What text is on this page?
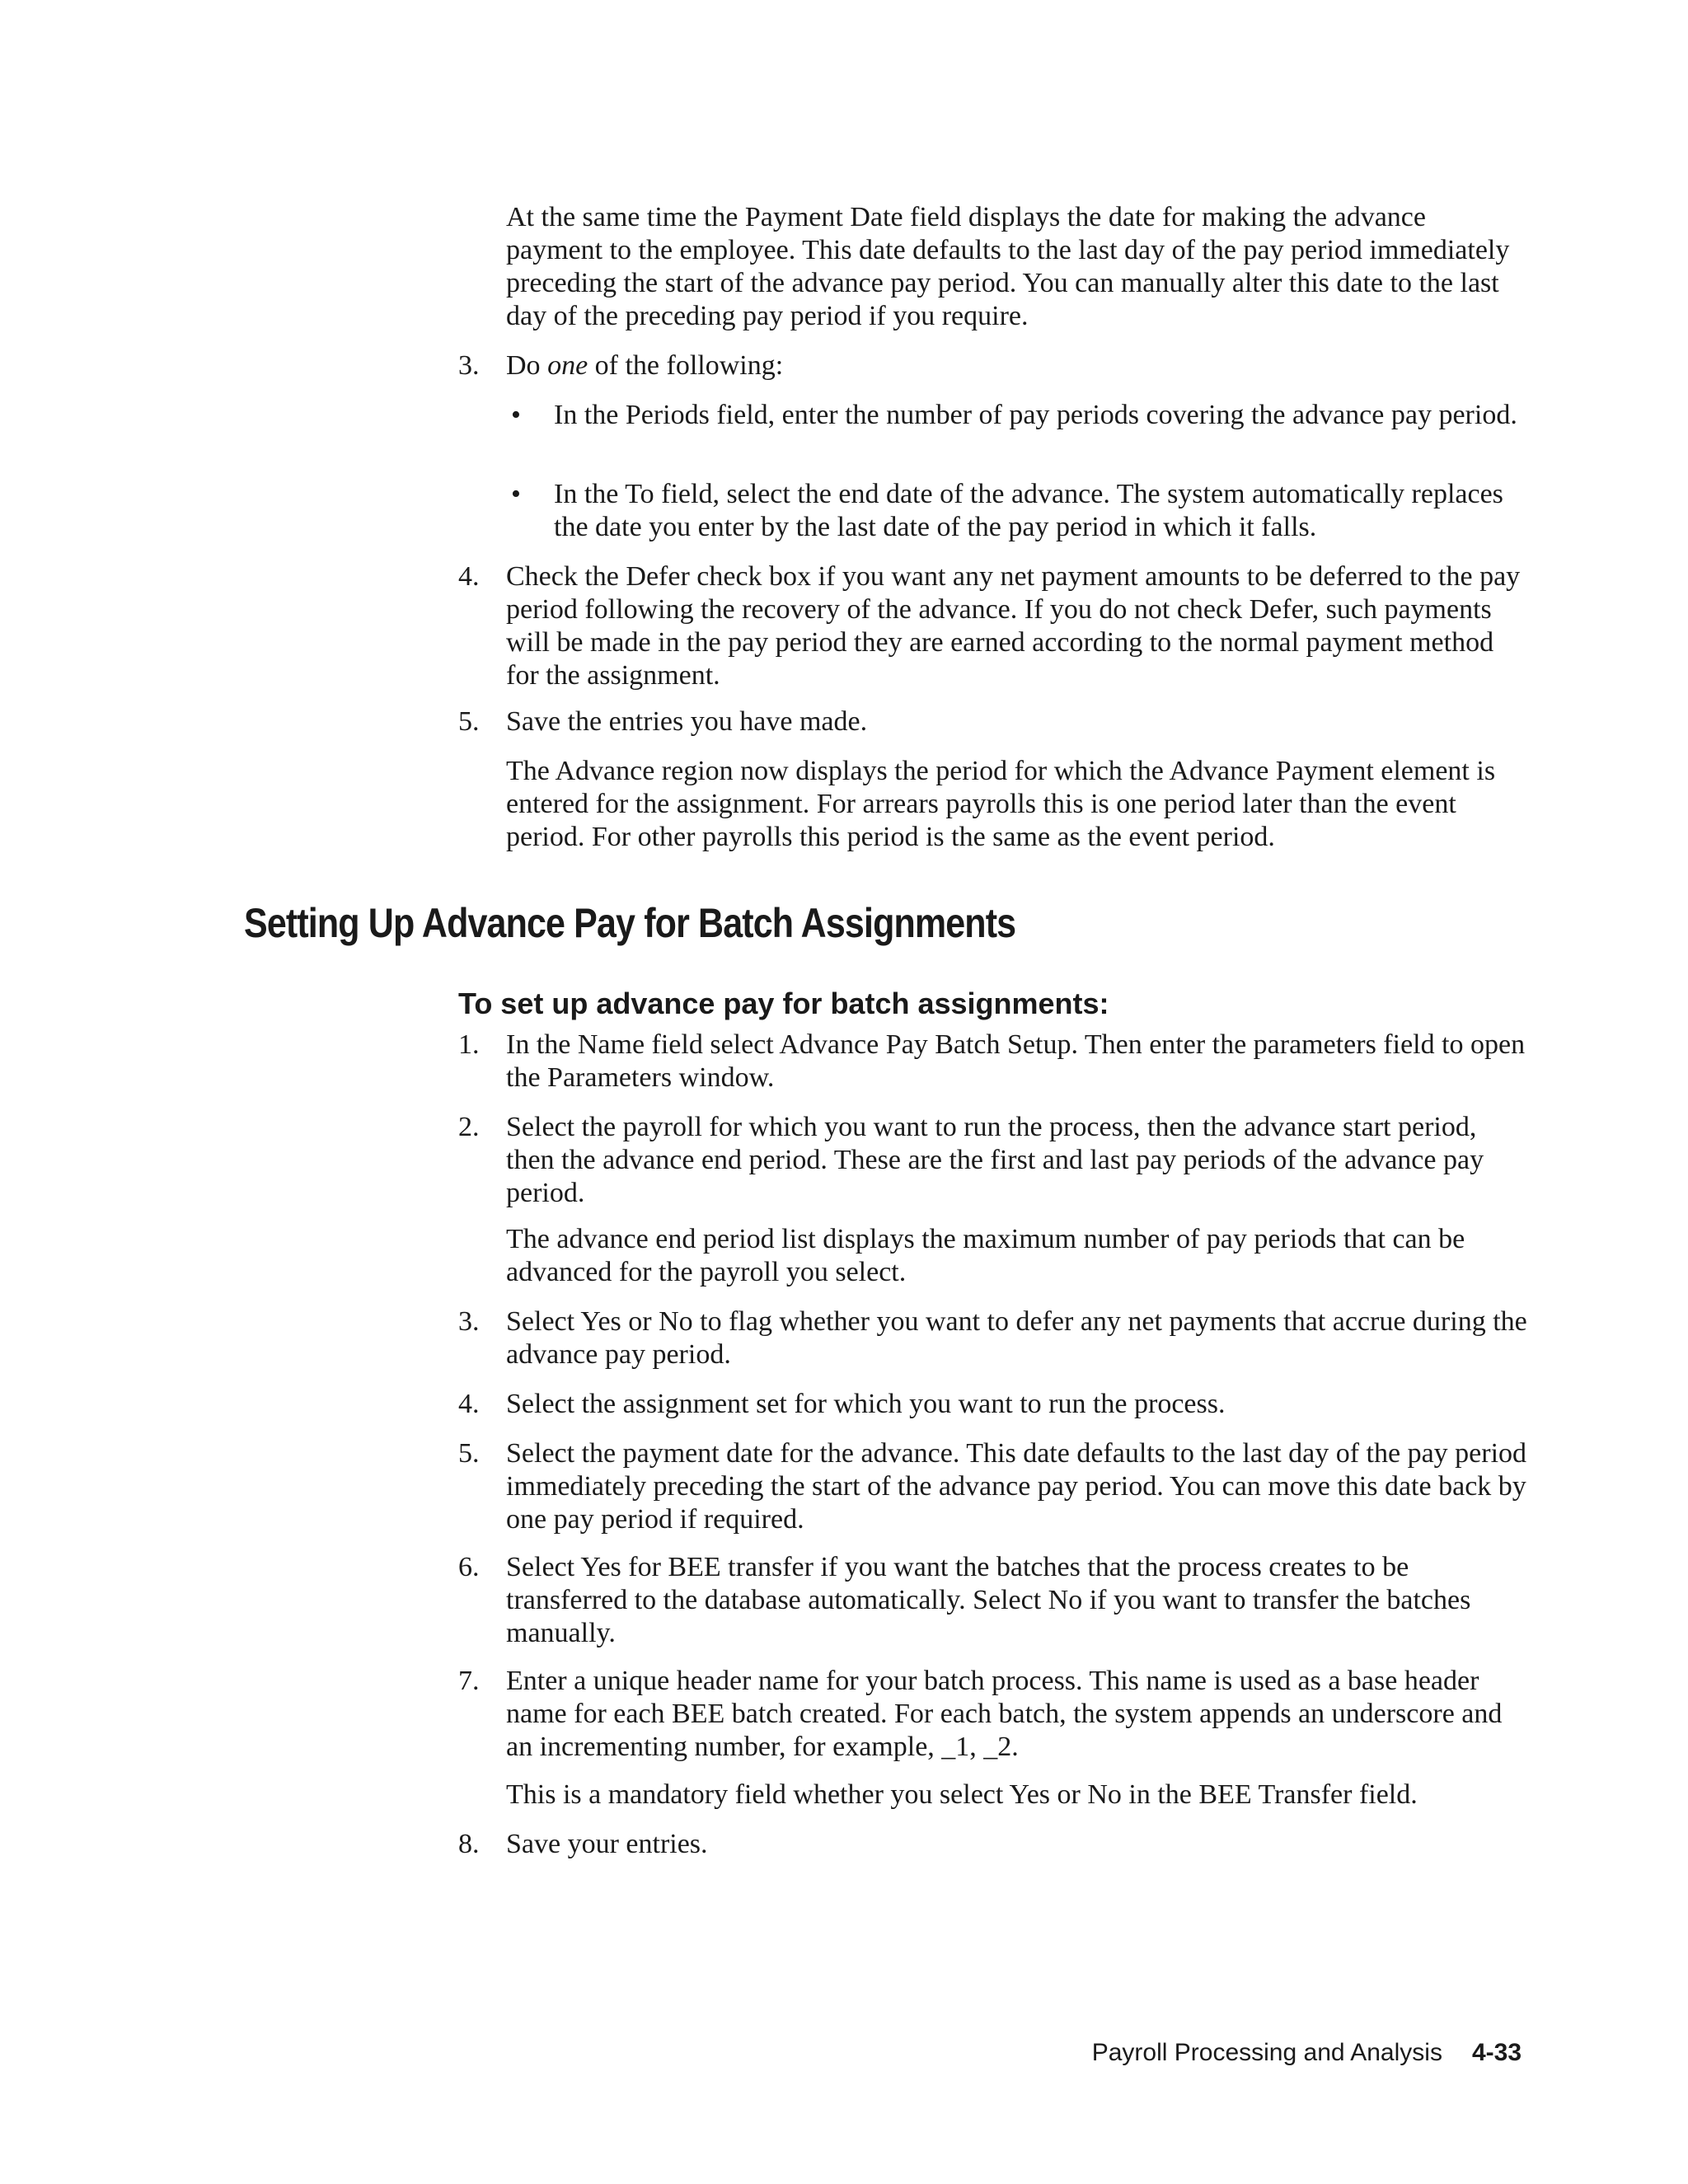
At the same time the Payment Date field displays the date for making the advance payment to the employee. This date defaults to the last day of the pay period immediately preceding the start of the advance pay period. You can manually alter this date to the last day of the preceding pay period if you require.

3. Do one of the following:

•	In the Periods field, enter the number of pay periods covering the advance pay period.

•	In the To field, select the end date of the advance. The system automatically replaces the date you enter by the last date of the pay period in which it falls.

4. Check the Defer check box if you want any net payment amounts to be deferred to the pay period following the recovery of the advance. If you do not check Defer, such payments will be made in the pay period they are earned according to the normal payment method for the assignment.

5. Save the entries you have made.

The Advance region now displays the period for which the Advance Payment element is entered for the assignment. For arrears payrolls this is one period later than the event period. For other payrolls this period is the same as the event period.

Setting Up Advance Pay for Batch Assignments
To set up advance pay for batch assignments:
1. In the Name field select Advance Pay Batch Setup. Then enter the parameters field to open the Parameters window.

2. Select the payroll for which you want to run the process, then the advance start period, then the advance end period. These are the first and last pay periods of the advance pay period.

The advance end period list displays the maximum number of pay periods that can be advanced for the payroll you select.

3. Select Yes or No to flag whether you want to defer any net payments that accrue during the advance pay period.

4. Select the assignment set for which you want to run the process.

5. Select the payment date for the advance. This date defaults to the last day of the pay period immediately preceding the start of the advance pay period. You can move this date back by one pay period if required.

6. Select Yes for BEE transfer if you want the batches that the process creates to be transferred to the database automatically. Select No if you want to transfer the batches manually.

7. Enter a unique header name for your batch process. This name is used as a base header name for each BEE batch created. For each batch, the system appends an underscore and an incrementing number, for example, _1, _2.

This is a mandatory field whether you select Yes or No in the BEE Transfer field.

8. Save your entries.

Payroll Processing and Analysis 4-33
